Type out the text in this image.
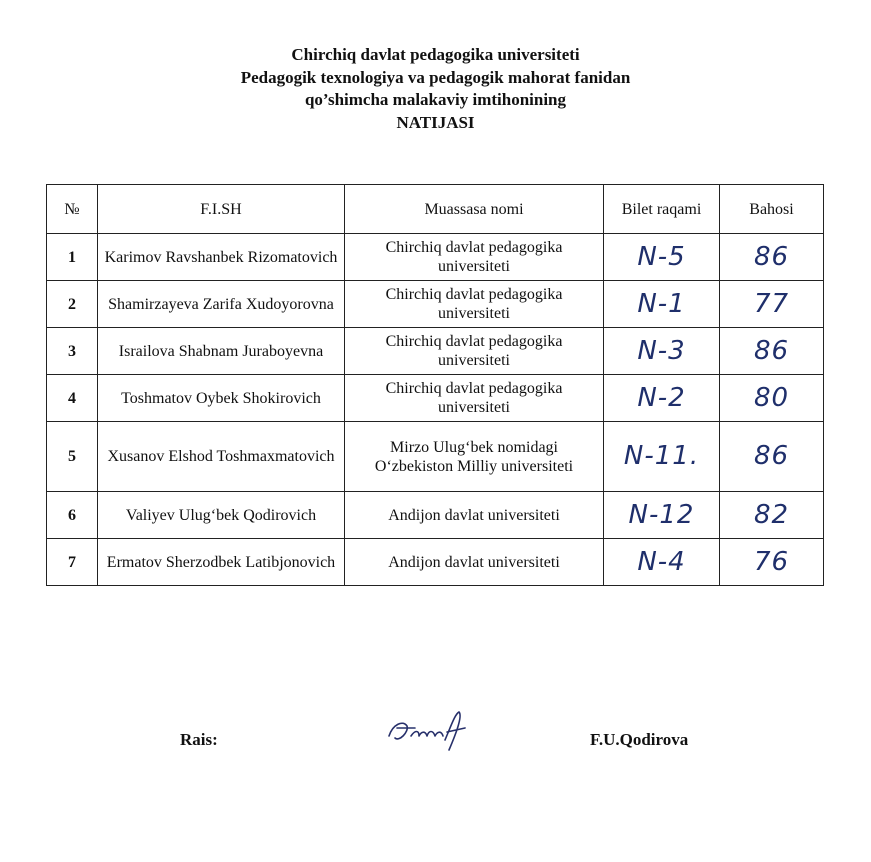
Chirchiq davlat pedagogika universiteti
Pedagogik texnologiya va pedagogik mahorat fanidan
qo’shimcha malakaviy imtihonining
NATIJASI
№	F.I.SH	Muassasa nomi	Bilet raqami	Bahosi
1	Karimov Ravshanbek Rizomatovich	Chirchiq davlat pedagogika universiteti	N-5	86
2	Shamirzayeva Zarifa Xudoyorovna	Chirchiq davlat pedagogika universiteti	N-1	77
3	Israilova Shabnam Juraboyevna	Chirchiq davlat pedagogika universiteti	N-3	86
4	Toshmatov Oybek Shokirovich	Chirchiq davlat pedagogika universiteti	N-2	80
5	Xusanov Elshod Toshmaxmatovich	Mirzo Ulug‘bek nomidagi O‘zbekiston Milliy universiteti	N-11.	86
6	Valiyev Ulug‘bek Qodirovich	Andijon davlat universiteti	N-12	82
7	Ermatov Sherzodbek Latibjonovich	Andijon davlat universiteti	N-4	76
Rais:	F.U.Qodirova
